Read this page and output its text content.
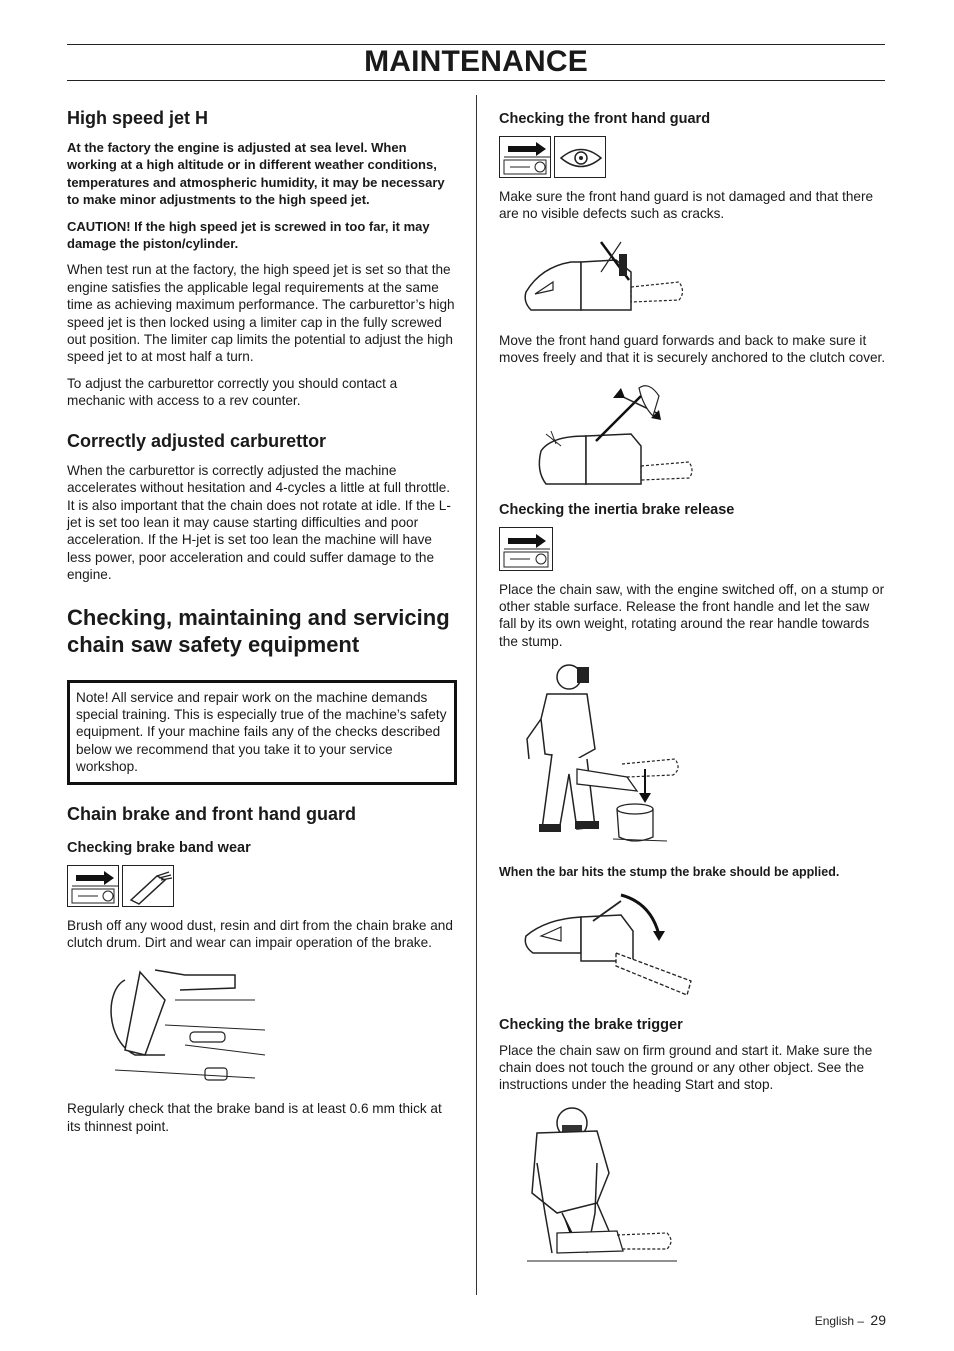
MAINTENANCE
High speed jet H

At the factory the engine is adjusted at sea level. When working at a high altitude or in different weather conditions, temperatures and atmospheric humidity, it may be necessary to make minor adjustments to the high speed jet.

CAUTION! If the high speed jet is screwed in too far, it may damage the piston/cylinder.

When test run at the factory, the high speed jet is set so that the engine satisfies the applicable legal requirements at the same time as achieving maximum performance. The carburettor’s high speed jet is then locked using a limiter cap in the fully screwed out position. The limiter cap limits the potential to adjust the high speed jet to at most half a turn.

To adjust the carburettor correctly you should contact a mechanic with access to a rev counter.

Correctly adjusted carburettor

When the carburettor is correctly adjusted the machine accelerates without hesitation and 4-cycles a little at full throttle. It is also important that the chain does not rotate at idle. If the L-jet is set too lean it may cause starting difficulties and poor acceleration. If the H-jet is set too lean the machine will have less power, poor acceleration and could suffer damage to the engine.

Checking, maintaining and servicing chain saw safety equipment

Note! All service and repair work on the machine demands special training. This is especially true of the machine’s safety equipment. If your machine fails any of the checks described below we recommend that you take it to your service workshop.

Chain brake and front hand guard
Checking brake band wear

Brush off any wood dust, resin and dirt from the chain brake and clutch drum. Dirt and wear can impair operation of the brake.

Regularly check that the brake band is at least 0.6 mm thick at its thinnest point.

Checking the front hand guard

Make sure the front hand guard is not damaged and that there are no visible defects such as cracks.

Move the front hand guard forwards and back to make sure it moves freely and that it is securely anchored to the clutch cover.

Checking the inertia brake release

Place the chain saw, with the engine switched off, on a stump or other stable surface. Release the front handle and let the saw fall by its own weight, rotating around the rear handle towards the stump.

When the bar hits the stump the brake should be applied.

Checking the brake trigger

Place the chain saw on firm ground and start it. Make sure the chain does not touch the ground or any other object. See the instructions under the heading Start and stop.

English – 29
